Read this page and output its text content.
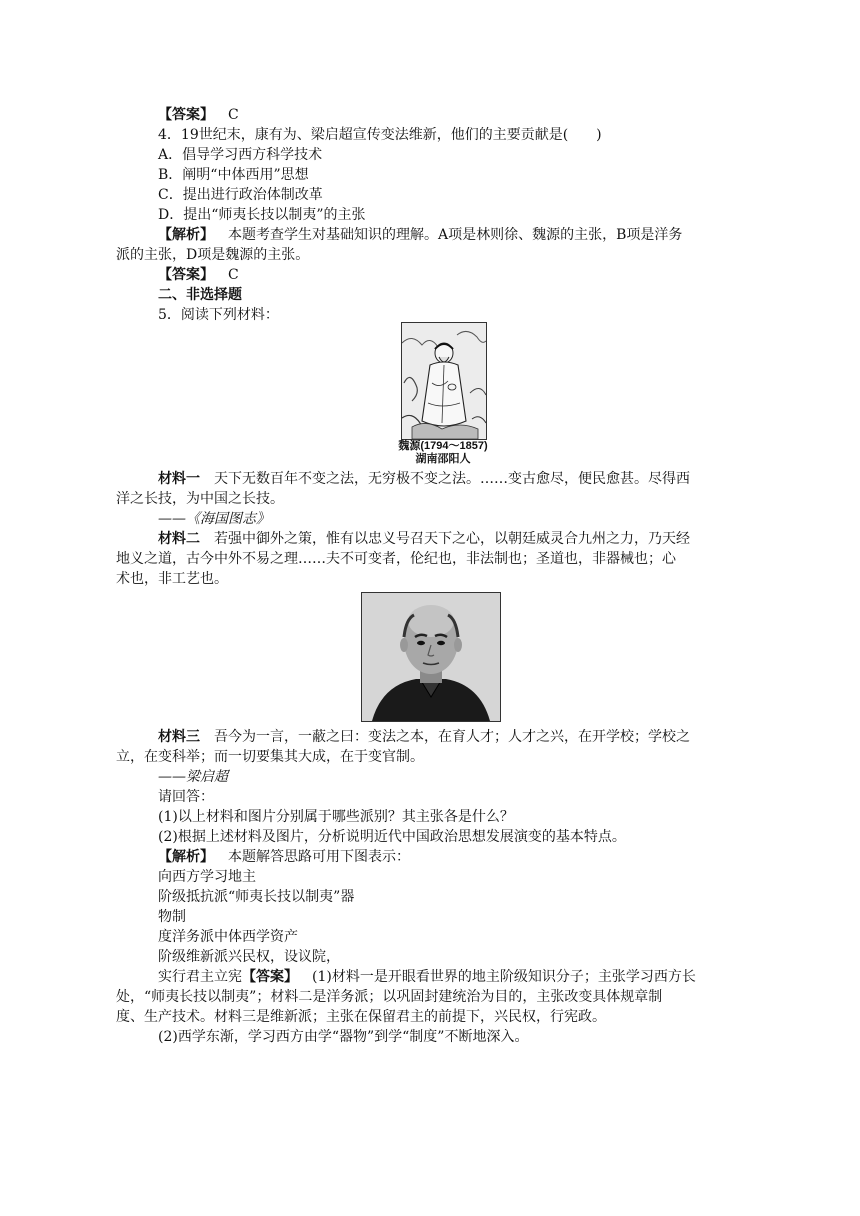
【答案】 C
4．19世纪末，康有为、梁启超宣传变法维新，他们的主要贡献是(　　)
A．倡导学习西方科学技术
B．阐明“中体西用”思想
C．提出进行政治体制改革
D．提出“师夷长技以制夷”的主张
【解析】 本题考查学生对基础知识的理解。A项是林则徐、魏源的主张，B项是洋务
派的主张，D项是魏源的主张。
【答案】 C
二、非选择题
5．阅读下列材料：
魏源(1794～1857)
湖南邵阳人
材料一 天下无数百年不变之法，无穷极不变之法。……变古愈尽，便民愈甚。尽得西
洋之长技，为中国之长技。
——《海国图志》
材料二 若强中御外之策，惟有以忠义号召天下之心，以朝廷威灵合九州之力，乃天经
地义之道，古今中外不易之理……夫不可变者，伦纪也，非法制也；圣道也，非器械也；心
术也，非工艺也。
材料三 吾今为一言，一蔽之曰：变法之本，在育人才；人才之兴，在开学校；学校之
立，在变科举；而一切要集其大成，在于变官制。
——梁启超
请回答：
(1)以上材料和图片分别属于哪些派别？其主张各是什么？
(2)根据上述材料及图片，分析说明近代中国政治思想发展演变的基本特点。
【解析】 本题解答思路可用下图表示：
向西方学习地主
阶级抵抗派“师夷长技以制夷”器
物制
度洋务派中体西学资产
阶级维新派兴民权，设议院，
实行君主立宪【答案】 (1)材料一是开眼看世界的地主阶级知识分子；主张学习西方长
处，“师夷长技以制夷”；材料二是洋务派；以巩固封建统治为目的，主张改变具体规章制
度、生产技术。材料三是维新派；主张在保留君主的前提下，兴民权，行宪政。
(2)西学东渐，学习西方由学“器物”到学“制度”不断地深入。
